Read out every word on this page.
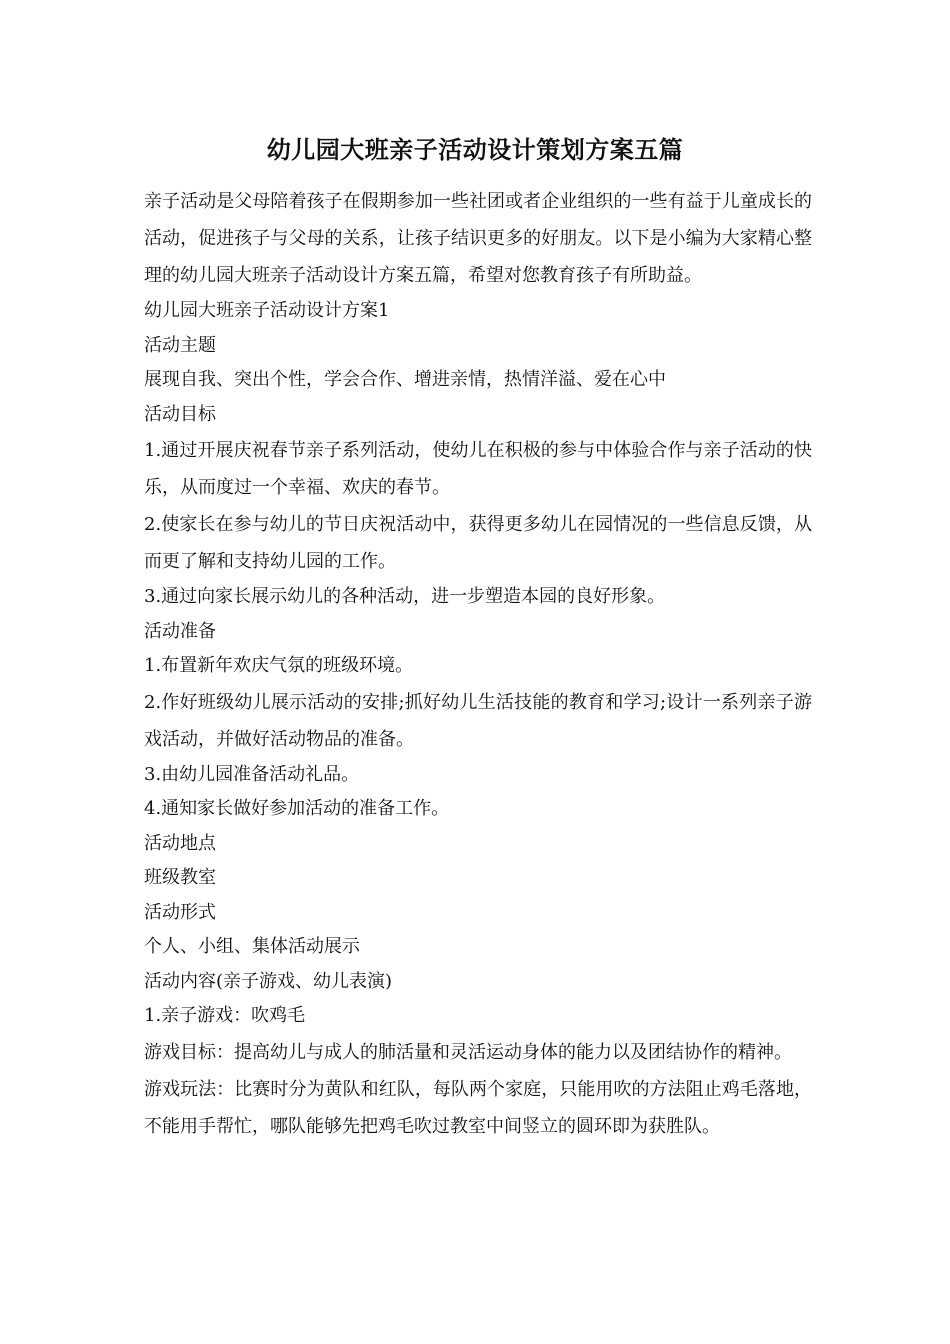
幼儿园大班亲子活动设计策划方案五篇

亲子活动是父母陪着孩子在假期参加一些社团或者企业组织的一些有益于儿童成长的活动，促进孩子与父母的关系，让孩子结识更多的好朋友。以下是小编为大家精心整理的幼儿园大班亲子活动设计方案五篇，希望对您教育孩子有所助益。

幼儿园大班亲子活动设计方案1

活动主题

展现自我、突出个性，学会合作、增进亲情，热情洋溢、爱在心中

活动目标

1.通过开展庆祝春节亲子系列活动，使幼儿在积极的参与中体验合作与亲子活动的快乐，从而度过一个幸福、欢庆的春节。

2.使家长在参与幼儿的节日庆祝活动中，获得更多幼儿在园情况的一些信息反馈，从而更了解和支持幼儿园的工作。

3.通过向家长展示幼儿的各种活动，进一步塑造本园的良好形象。

活动准备

1.布置新年欢庆气氛的班级环境。

2.作好班级幼儿展示活动的安排;抓好幼儿生活技能的教育和学习;设计一系列亲子游戏活动，并做好活动物品的准备。

3.由幼儿园准备活动礼品。

4.通知家长做好参加活动的准备工作。

活动地点

班级教室

活动形式

个人、小组、集体活动展示

活动内容(亲子游戏、幼儿表演)

1.亲子游戏：吹鸡毛

游戏目标：提高幼儿与成人的肺活量和灵活运动身体的能力以及团结协作的精神。

游戏玩法：比赛时分为黄队和红队，每队两个家庭，只能用吹的方法阻止鸡毛落地，不能用手帮忙，哪队能够先把鸡毛吹过教室中间竖立的圆环即为获胜队。
